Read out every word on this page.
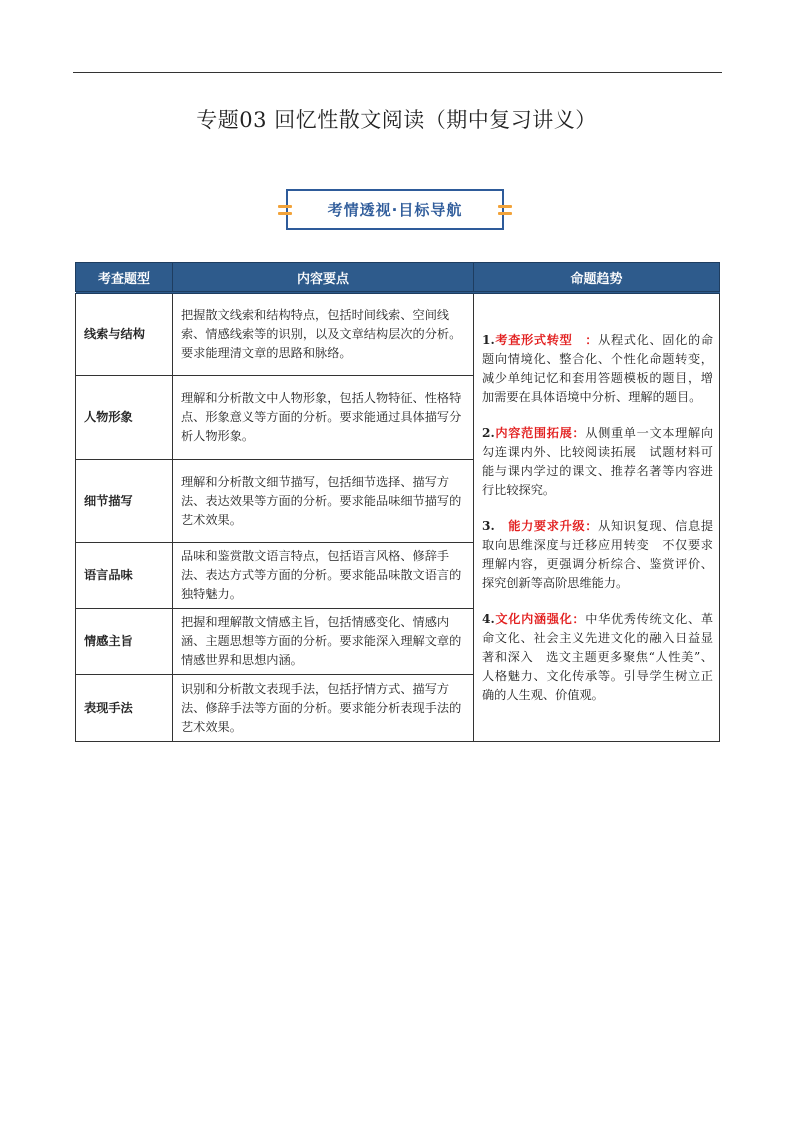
专题03 回忆性散文阅读（期中复习讲义）
考情透视·目标导航
考查题型	内容要点	命题趋势
线索与结构	把握散文线索和结构特点，包括时间线索、空间线索、情感线索等的识别，以及文章结构层次的分析。要求能理清文章的思路和脉络。	1.考查形式转型　：从程式化、固化的命题向情境化、整合化、个性化命题转变，减少单纯记忆和套用答题模板的题目，增加需要在具体语境中分析、理解的题目。
2.内容范围拓展：从侧重单一文本理解向勾连课内外、比较阅读拓展　试题材料可能与课内学过的课文、推荐名著等内容进行比较探究。
3.　能力要求升级：从知识复现、信息提取向思维深度与迁移应用转变　不仅要求理解内容，更强调分析综合、鉴赏评价、探究创新等高阶思维能力。
4.文化内涵强化：中华优秀传统文化、革命文化、社会主义先进文化的融入日益显著和深入　选文主题更多聚焦“人性美”、人格魅力、文化传承等。引导学生树立正确的人生观、价值观。

人物形象	理解和分析散文中人物形象，包括人物特征、性格特点、形象意义等方面的分析。要求能通过具体描写分析人物形象。	
细节描写	理解和分析散文细节描写，包括细节选择、描写方法、表达效果等方面的分析。要求能品味细节描写的艺术效果。	
语言品味	品味和鉴赏散文语言特点，包括语言风格、修辞手法、表达方式等方面的分析。要求能品味散文语言的独特魅力。	
情感主旨	把握和理解散文情感主旨，包括情感变化、情感内涵、主题思想等方面的分析。要求能深入理解文章的情感世界和思想内涵。	
表现手法	识别和分析散文表现手法，包括抒情方式、描写方法、修辞手法等方面的分析。要求能分析表现手法的艺术效果。	
